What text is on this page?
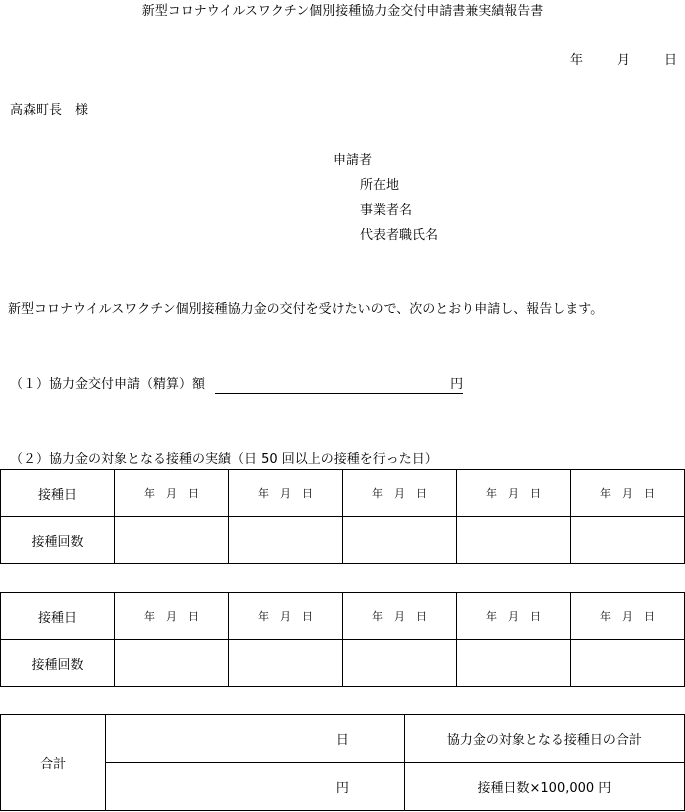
新型コロナウイルスワクチン個別接種協力金交付申請書兼実績報告書
年	月	日
高森町長　様
申請者
所在地
事業者名
代表者職氏名
新型コロナウイルスワクチン個別接種協力金の交付を受けたいので、次のとおり申請し、報告します。
（１）協力金交付申請（精算）額	円
（２）協力金の対象となる接種の実績（日 50 回以上の接種を行った日）
接種日	年　月　日	年　月　日	年　月　日	年　月　日	年　月　日
接種回数					
接種日	年　月　日	年　月　日	年　月　日	年　月　日	年　月　日
接種回数					
合計	日	協力金の対象となる接種日の合計
	円	接種日数×100,000 円
